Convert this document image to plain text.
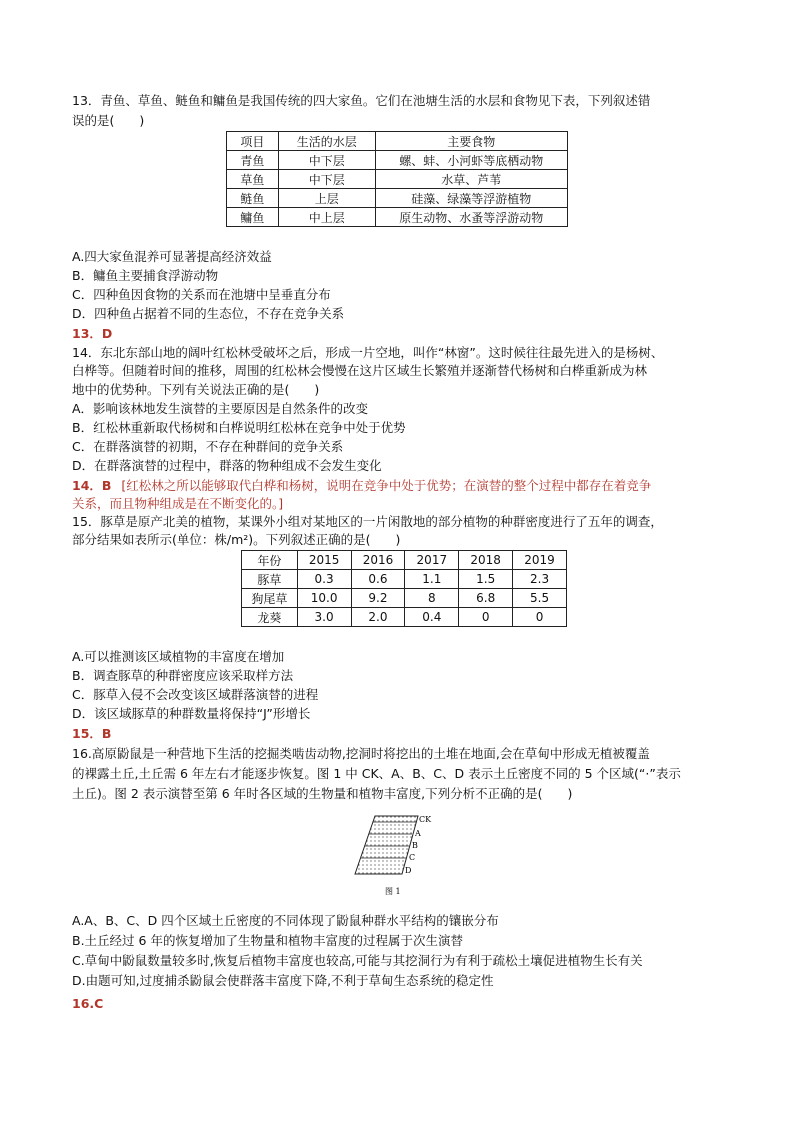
13．青鱼、草鱼、鲢鱼和鳙鱼是我国传统的四大家鱼。它们在池塘生活的水层和食物见下表，下列叙述错
误的是(　　)
项目	生活的水层	主要食物
青鱼	中下层	螺、蚌、小河虾等底栖动物
草鱼	中下层	水草、芦苇
鲢鱼	上层	硅藻、绿藻等浮游植物
鳙鱼	中上层	原生动物、水蚤等浮游动物
A.四大家鱼混养可显著提高经济效益
B．鳙鱼主要捕食浮游动物
C．四种鱼因食物的关系而在池塘中呈垂直分布
D．四种鱼占据着不同的生态位，不存在竞争关系
13．D
14．东北东部山地的阔叶红松林受破坏之后，形成一片空地，叫作“林窗”。这时候往往最先进入的是杨树、
白桦等。但随着时间的推移，周围的红松林会慢慢在这片区域生长繁殖并逐渐替代杨树和白桦重新成为林
地中的优势种。下列有关说法正确的是(　　)
A．影响该林地发生演替的主要原因是自然条件的改变
B．红松林重新取代杨树和白桦说明红松林在竞争中处于优势
C．在群落演替的初期，不存在种群间的竞争关系
D．在群落演替的过程中，群落的物种组成不会发生变化
14．B [红松林之所以能够取代白桦和杨树，说明在竞争中处于优势；在演替的整个过程中都存在着竞争
关系，而且物种组成是在不断变化的。]
15．豚草是原产北美的植物，某课外小组对某地区的一片闲散地的部分植物的种群密度进行了五年的调查，
部分结果如表所示(单位：株/m²)。下列叙述正确的是(　　)
年份	2015	2016	2017	2018	2019
豚草	0.3	0.6	1.1	1.5	2.3
狗尾草	10.0	9.2	8	6.8	5.5
龙葵	3.0	2.0	0.4	0	0
A.可以推测该区域植物的丰富度在增加
B．调查豚草的种群密度应该采取样方法
C．豚草入侵不会改变该区域群落演替的进程
D．该区域豚草的种群数量将保持“J”形增长
15．B
16.高原鼢鼠是一种营地下生活的挖掘类啮齿动物,挖洞时将挖出的土堆在地面,会在草甸中形成无植被覆盖
的裸露土丘,土丘需 6 年左右才能逐步恢复。图 1 中 CK、A、B、C、D 表示土丘密度不同的 5 个区域(“·”表示
土丘)。图 2 表示演替至第 6 年时各区域的生物量和植物丰富度,下列分析不正确的是(　　)
CK
A
B
C
D
图 1
A.A、B、C、D 四个区域土丘密度的不同体现了鼢鼠种群水平结构的镶嵌分布
B.土丘经过 6 年的恢复增加了生物量和植物丰富度的过程属于次生演替
C.草甸中鼢鼠数量较多时,恢复后植物丰富度也较高,可能与其挖洞行为有利于疏松土壤促进植物生长有关
D.由题可知,过度捕杀鼢鼠会使群落丰富度下降,不利于草甸生态系统的稳定性
16.C
